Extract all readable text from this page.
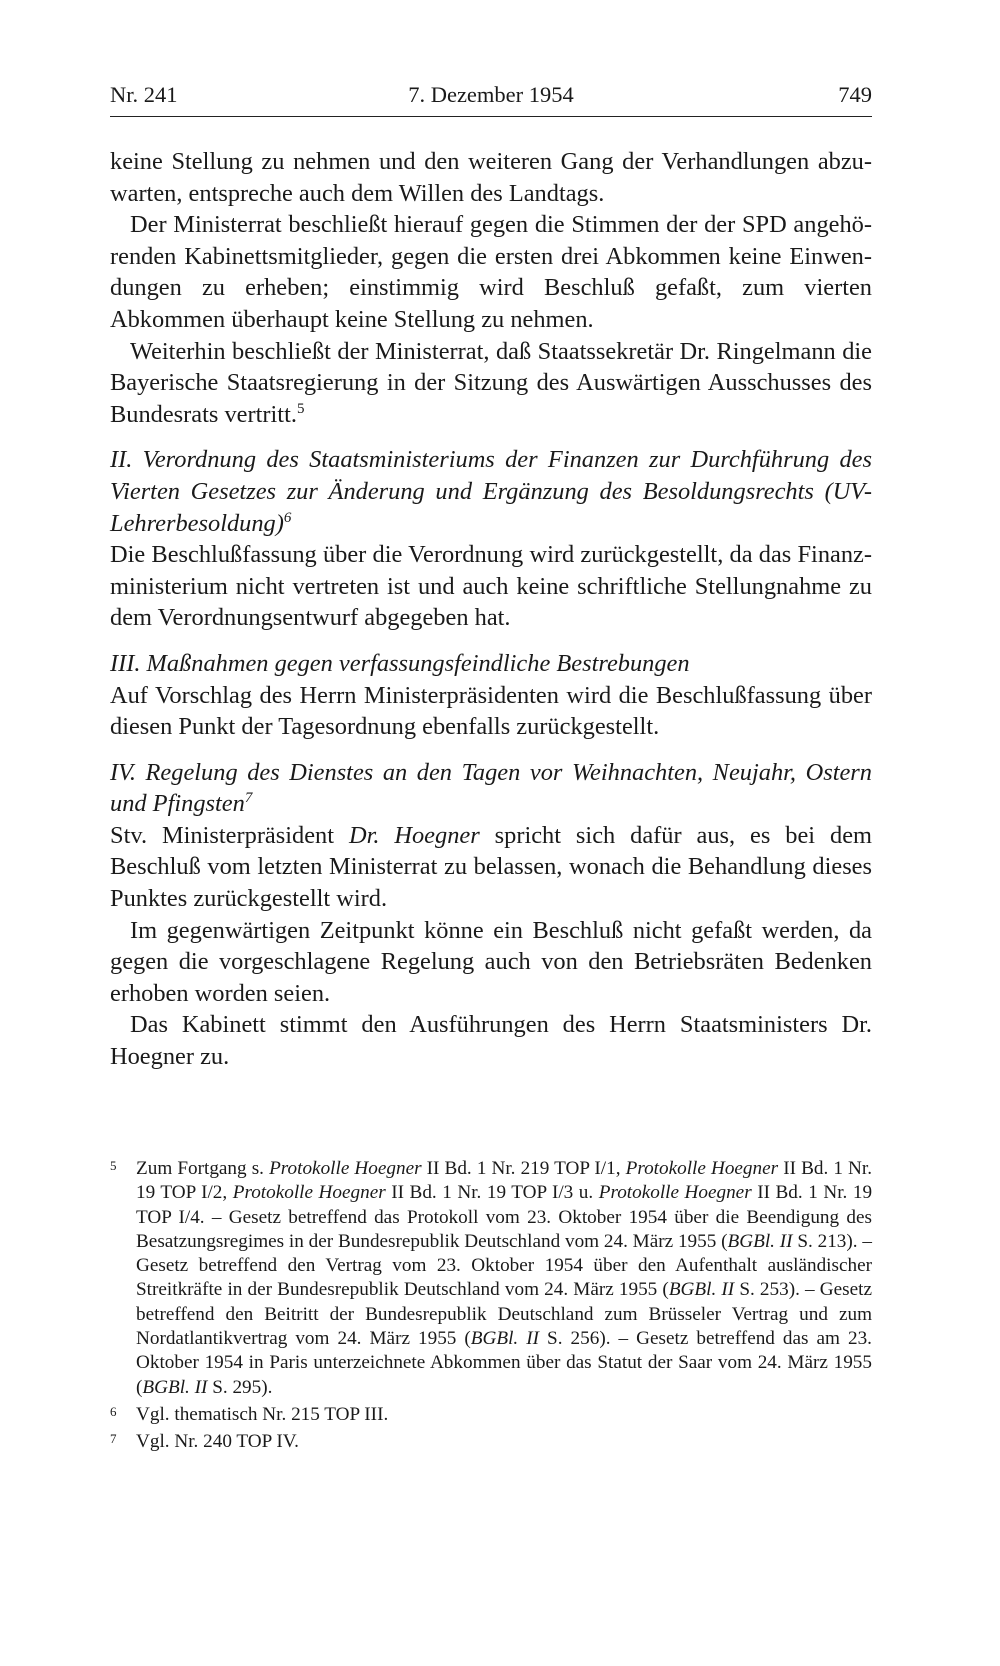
Nr. 241	7. Dezember 1954	749

keine Stellung zu nehmen und den weiteren Gang der Verhandlungen abzuwarten, entspreche auch dem Willen des Landtags.

Der Ministerrat beschließt hierauf gegen die Stimmen der der SPD angehörenden Kabinettsmitglieder, gegen die ersten drei Abkommen keine Einwendungen zu erheben; einstimmig wird Beschluß gefaßt, zum vierten Abkommen überhaupt keine Stellung zu nehmen.

Weiterhin beschließt der Ministerrat, daß Staatssekretär Dr. Ringelmann die Bayerische Staatsregierung in der Sitzung des Auswärtigen Ausschusses des Bundesrats vertritt.$^5$

II. Verordnung des Staatsministeriums der Finanzen zur Durchführung des Vierten Gesetzes zur Änderung und Ergänzung des Besoldungsrechts (UV-Lehrerbesoldung)$^6$

Die Beschlußfassung über die Verordnung wird zurückgestellt, da das Finanzministerium nicht vertreten ist und auch keine schriftliche Stellungnahme zu dem Verordnungsentwurf abgegeben hat.

III. Maßnahmen gegen verfassungsfeindliche Bestrebungen

Auf Vorschlag des Herrn Ministerpräsidenten wird die Beschlußfassung über diesen Punkt der Tagesordnung ebenfalls zurückgestellt.

IV. Regelung des Dienstes an den Tagen vor Weihnachten, Neujahr, Ostern und Pfingsten$^7$

Stv. Ministerpräsident Dr. Hoegner spricht sich dafür aus, es bei dem Beschluß vom letzten Ministerrat zu belassen, wonach die Behandlung dieses Punktes zurückgestellt wird.

Im gegenwärtigen Zeitpunkt könne ein Beschluß nicht gefaßt werden, da gegen die vorgeschlagene Regelung auch von den Betriebsräten Bedenken erhoben worden seien.

Das Kabinett stimmt den Ausführungen des Herrn Staatsministers Dr. Hoegner zu.

5 Zum Fortgang s. Protokolle Hoegner II Bd. 1 Nr. 219 TOP I/1, Protokolle Hoegner II Bd. 1 Nr. 19 TOP I/2, Protokolle Hoegner II Bd. 1 Nr. 19 TOP I/3 u. Protokolle Hoegner II Bd. 1 Nr. 19 TOP I/4. – Gesetz betreffend das Protokoll vom 23. Oktober 1954 über die Beendigung des Besatzungsregimes in der Bundesrepublik Deutschland vom 24. März 1955 (BGBl. II S. 213). – Gesetz betreffend den Vertrag vom 23. Oktober 1954 über den Aufenthalt ausländischer Streitkräfte in der Bundesrepublik Deutschland vom 24. März 1955 (BGBl. II S. 253). – Gesetz betreffend den Beitritt der Bundesrepublik Deutschland zum Brüsseler Vertrag und zum Nordatlantikvertrag vom 24. März 1955 (BGBl. II S. 256). – Gesetz betreffend das am 23. Oktober 1954 in Paris unterzeichnete Abkommen über das Statut der Saar vom 24. März 1955 (BGBl. II S. 295).
6 Vgl. thematisch Nr. 215 TOP III.
7 Vgl. Nr. 240 TOP IV.
